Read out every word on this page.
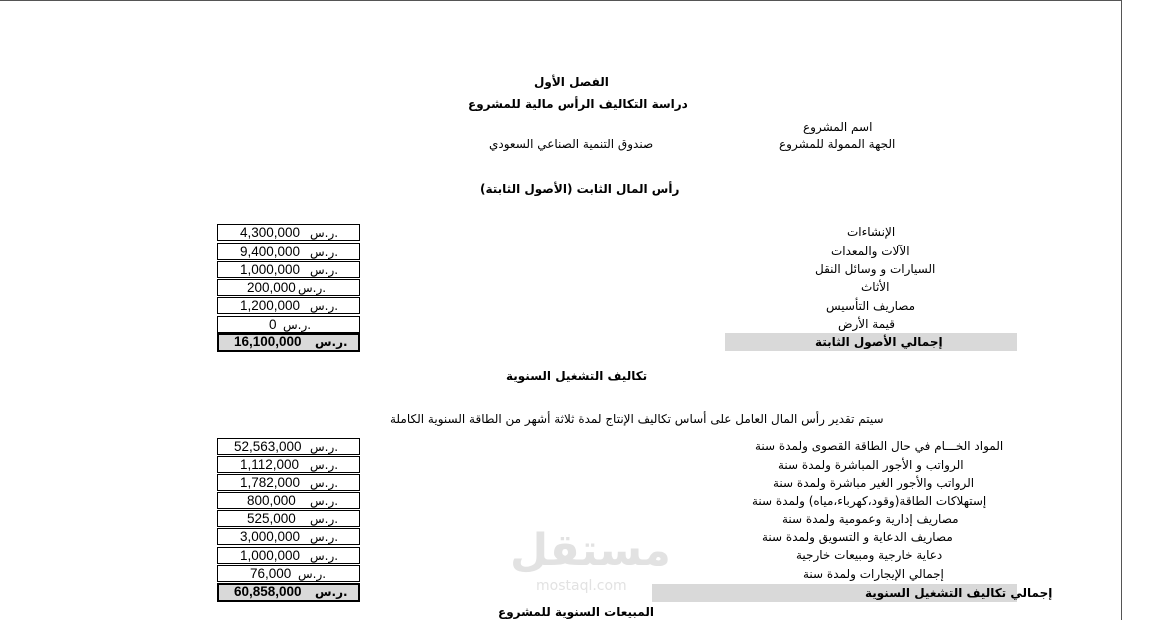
الفصل الأول
دراسة التكاليف الرأس مالية للمشروع
اسم المشروع
الجهة الممولة للمشروع
صندوق التنمية الصناعي السعودي
رأس المال الثابت (الأصول الثابتة)
الإنشاءات
الآلات والمعدات
السيارات و وسائل النقل
الأثاث
مصاريف التأسيس
قيمة الأرض
4,300,000 ر.س.
9,400,000 ر.س.
1,000,000 ر.س.
200,000 ر.س.
1,200,000 ر.س.
0 ر.س.
إجمالي الأصول الثابتة
16,100,000 ر.س.
تكاليف التشغيل السنوية
سيتم تقدير رأس المال العامل على أساس تكاليف الإنتاج لمدة ثلاثة أشهر من الطاقة السنوية الكاملة
المواد الخـــام في حال الطاقة القصوى ولمدة سنة
الرواتب و الأجور المباشرة ولمدة سنة
الرواتب والأجور الغير مباشرة ولمدة سنة
إستهلاكات الطاقة(وقود،كهرباء،مياه) ولمدة سنة
مصاريف إدارية وعمومية ولمدة سنة
مصاريف الدعاية و التسويق ولمدة سنة
دعاية خارجية ومبيعات خارجية
إجمالي الإيجارات ولمدة سنة
52,563,000 ر.س.
1,112,000 ر.س.
1,782,000 ر.س.
800,000 ر.س.
525,000 ر.س.
3,000,000 ر.س.
1,000,000 ر.س.
76,000 ر.س.	مستقل
mostaql.com	إجمالي تكاليف التشغيل السنوية
60,858,000 ر.س.
المبيعات السنوية للمشروع
